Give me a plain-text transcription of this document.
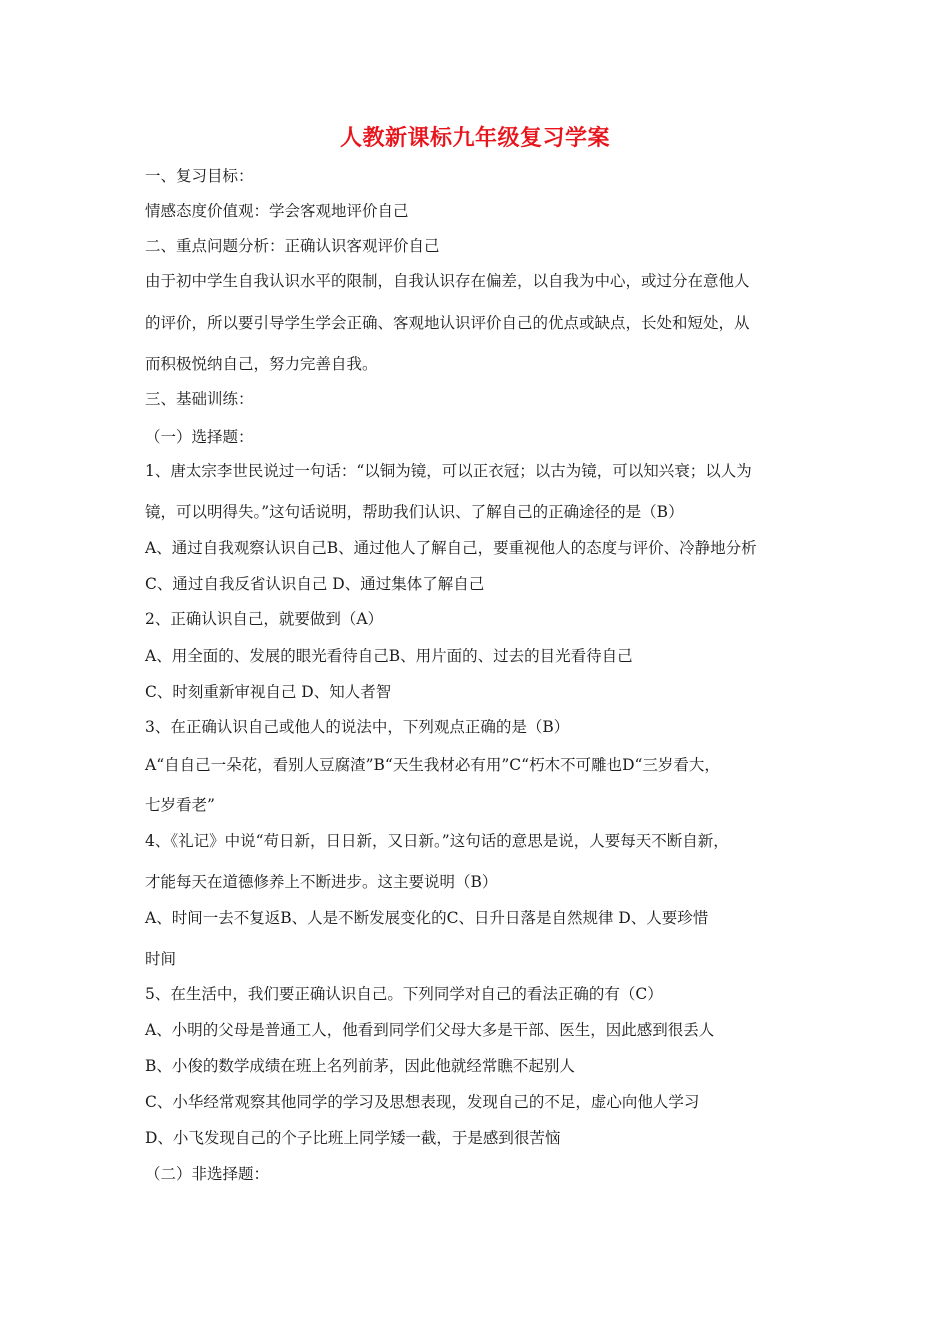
人教新课标九年级复习学案
一、复习目标：
情感态度价值观：学会客观地评价自己
二、重点问题分析：正确认识客观评价自己
由于初中学生自我认识水平的限制，自我认识存在偏差，以自我为中心，或过分在意他人
的评价，所以要引导学生学会正确、客观地认识评价自己的优点或缺点，长处和短处，从
而积极悦纳自己，努力完善自我。
三、基础训练：
（一）选择题：
1、唐太宗李世民说过一句话：“以铜为镜，可以正衣冠；以古为镜，可以知兴衰；以人为
镜，可以明得失。”这句话说明，帮助我们认识、了解自己的正确途径的是（B）
A、通过自我观察认识自己B、通过他人了解自己，要重视他人的态度与评价、冷静地分析
C、通过自我反省认识自己 D、通过集体了解自己
2、正确认识自己，就要做到（A）
A、用全面的、发展的眼光看待自己B、用片面的、过去的目光看待自己
C、时刻重新审视自己 D、知人者智
3、在正确认识自己或他人的说法中，下列观点正确的是（B）
A“自自己一朵花，看别人豆腐渣”B“天生我材必有用”C“朽木不可雕也D“三岁看大，
七岁看老”
4、《礼记》中说“苟日新，日日新，又日新。”这句话的意思是说，人要每天不断自新，
才能每天在道德修养上不断进步。这主要说明（B）
A、时间一去不复返B、人是不断发展变化的C、日升日落是自然规律 D、人要珍惜
时间
5、在生活中，我们要正确认识自己。下列同学对自己的看法正确的有（C）
A、小明的父母是普通工人，他看到同学们父母大多是干部、医生，因此感到很丢人
B、小俊的数学成绩在班上名列前茅，因此他就经常瞧不起别人
C、小华经常观察其他同学的学习及思想表现，发现自己的不足，虚心向他人学习
D、小飞发现自己的个子比班上同学矮一截，于是感到很苦恼
（二）非选择题：
